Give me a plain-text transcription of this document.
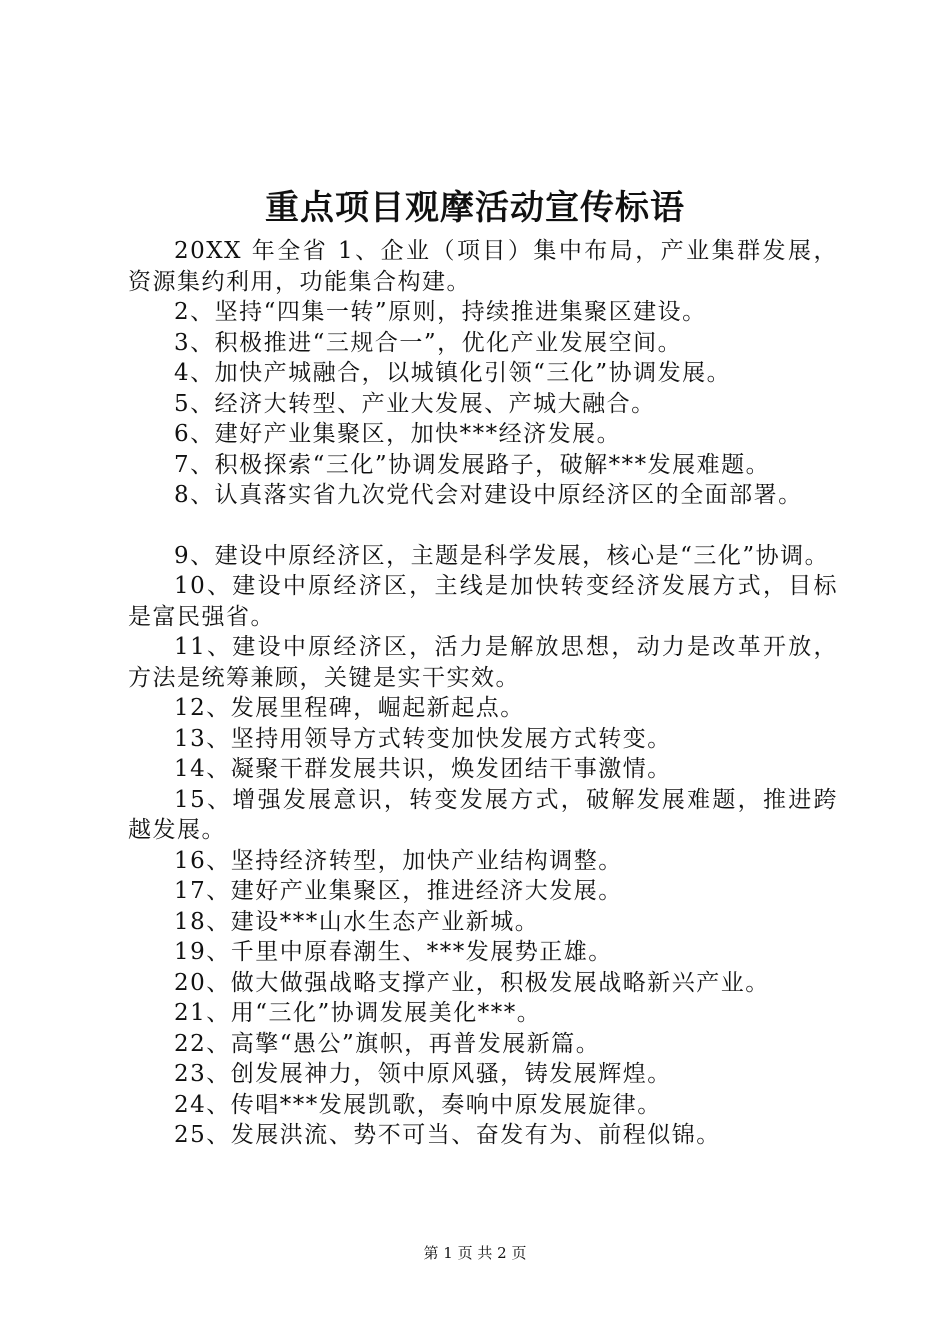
重点项目观摩活动宣传标语

20XX 年全省 1、企业（项目）集中布局，产业集群发展，资源集约利用，功能集合构建。

2、坚持“四集一转”原则，持续推进集聚区建设。

3、积极推进“三规合一”，优化产业发展空间。

4、加快产城融合，以城镇化引领“三化”协调发展。

5、经济大转型、产业大发展、产城大融合。

6、建好产业集聚区，加快***经济发展。

7、积极探索“三化”协调发展路子，破解***发展难题。

8、认真落实省九次党代会对建设中原经济区的全面部署。

9、建设中原经济区，主题是科学发展，核心是“三化”协调。

10、建设中原经济区，主线是加快转变经济发展方式，目标是富民强省。

11、建设中原经济区，活力是解放思想，动力是改革开放，方法是统筹兼顾，关键是实干实效。

12、发展里程碑，崛起新起点。

13、坚持用领导方式转变加快发展方式转变。

14、凝聚干群发展共识，焕发团结干事激情。

15、增强发展意识，转变发展方式，破解发展难题，推进跨越发展。

16、坚持经济转型，加快产业结构调整。

17、建好产业集聚区，推进经济大发展。

18、建设***山水生态产业新城。

19、千里中原春潮生、***发展势正雄。

20、做大做强战略支撑产业，积极发展战略新兴产业。

21、用“三化”协调发展美化***。

22、高擎“愚公”旗帜，再普发展新篇。

23、创发展神力，领中原风骚，铸发展辉煌。

24、传唱***发展凯歌，奏响中原发展旋律。

25、发展洪流、势不可当、奋发有为、前程似锦。

第 1 页 共 2 页
